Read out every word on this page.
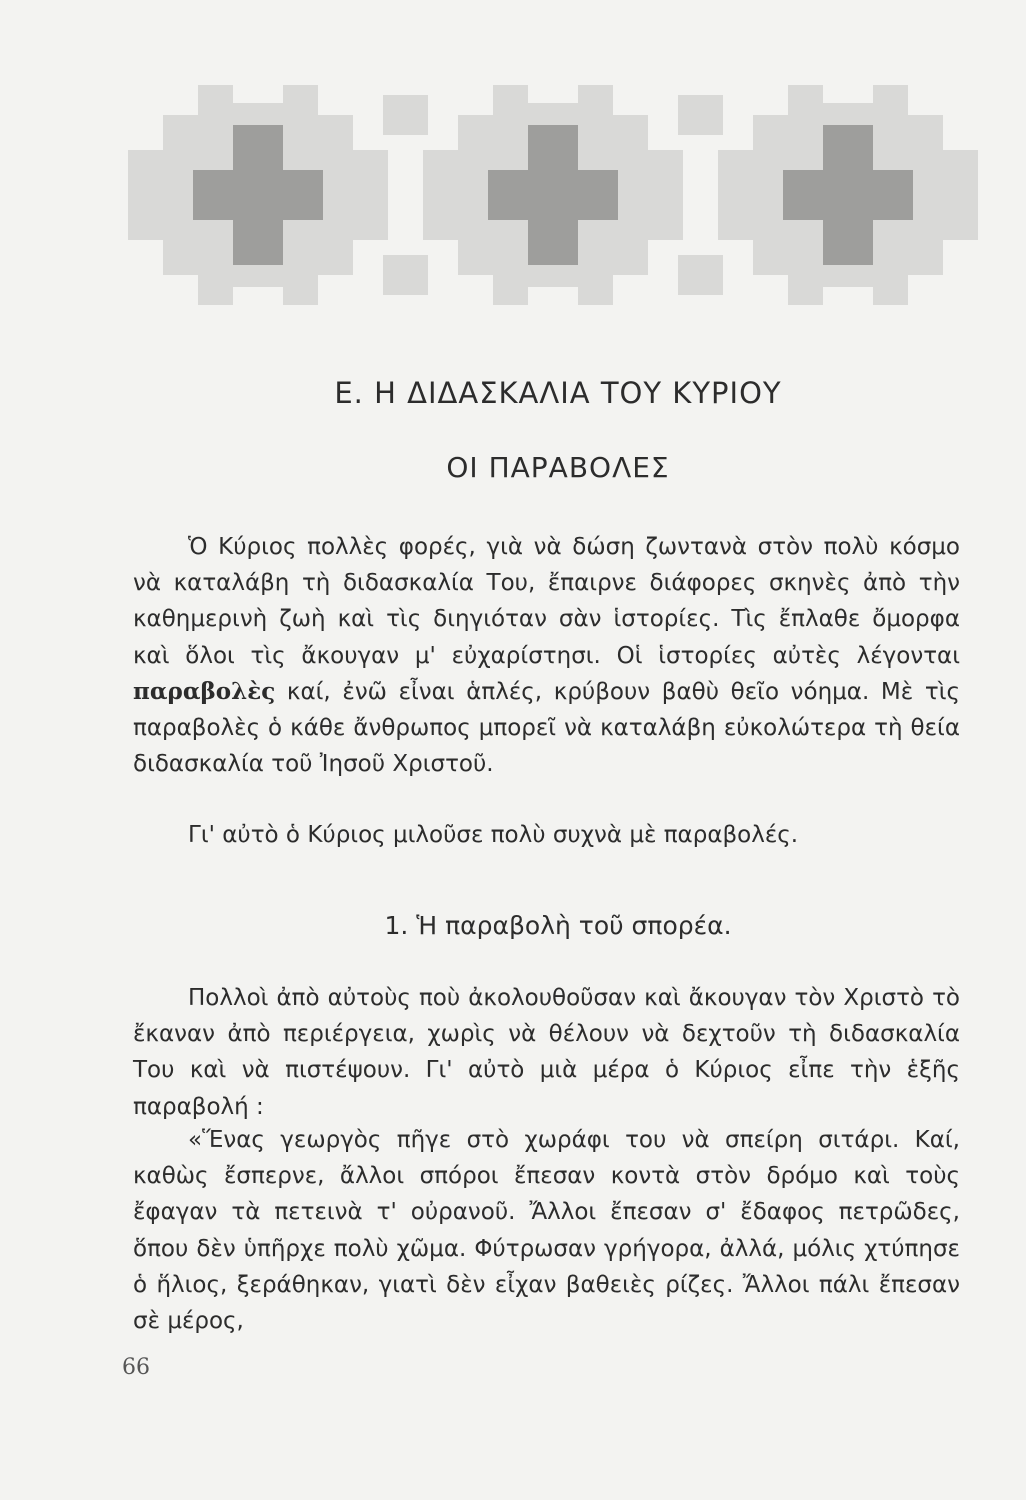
Ε. Η ΔΙΔΑΣΚΑΛΙΑ ΤΟΥ ΚΥΡΙΟΥ
ΟΙ ΠΑΡΑΒΟΛΕΣ

Ὁ Κύριος πολλὲς φορές, γιὰ νὰ δώση ζωντανὰ στὸν πολὺ κόσμο νὰ καταλάβη τὴ διδασκαλία Του, ἔπαιρνε διάφορες σκηνὲς ἀπὸ τὴν καθημερινὴ ζωὴ καὶ τὶς διηγιόταν σὰν ἱστορίες. Τὶς ἔπλαθε ὄμορφα καὶ ὅλοι τὶς ἄκουγαν μ' εὐχαρίστησι. Οἱ ἱστορίες αὐτὲς λέγονται παραβολὲς καί, ἐνῶ εἶναι ἁπλές, κρύβουν βαθὺ θεῖο νόημα. Μὲ τὶς παραβολὲς ὁ κάθε ἄνθρωπος μπορεῖ νὰ καταλάβη εὐκολώτερα τὴ θεία διδασκαλία τοῦ Ἰησοῦ Χριστοῦ.

Γι' αὐτὸ ὁ Κύριος μιλοῦσε πολὺ συχνὰ μὲ παραβολές.

1. Ἡ παραβολὴ τοῦ σπορέα.

Πολλοὶ ἀπὸ αὐτοὺς ποὺ ἀκολουθοῦσαν καὶ ἄκουγαν τὸν Χριστὸ τὸ ἔκαναν ἀπὸ περιέργεια, χωρὶς νὰ θέλουν νὰ δεχτοῦν τὴ διδασκαλία Του καὶ νὰ πιστέψουν. Γι' αὐτὸ μιὰ μέρα ὁ Κύριος εἶπε τὴν ἑξῆς παραβολή :

«Ἕνας γεωργὸς πῆγε στὸ χωράφι του νὰ σπείρη σιτάρι. Καί, καθὼς ἔσπερνε, ἄλλοι σπόροι ἔπεσαν κοντὰ στὸν δρόμο καὶ τοὺς ἔφαγαν τὰ πετεινὰ τ' οὐρανοῦ. Ἄλλοι ἔπεσαν σ' ἔδαφος πετρῶδες, ὅπου δὲν ὑπῆρχε πολὺ χῶμα. Φύτρωσαν γρήγορα, ἀλλά, μόλις χτύπησε ὁ ἥλιος, ξεράθηκαν, γιατὶ δὲν εἶχαν βαθειὲς ρίζες. Ἄλλοι πάλι ἔπεσαν σὲ μέρος,

66
